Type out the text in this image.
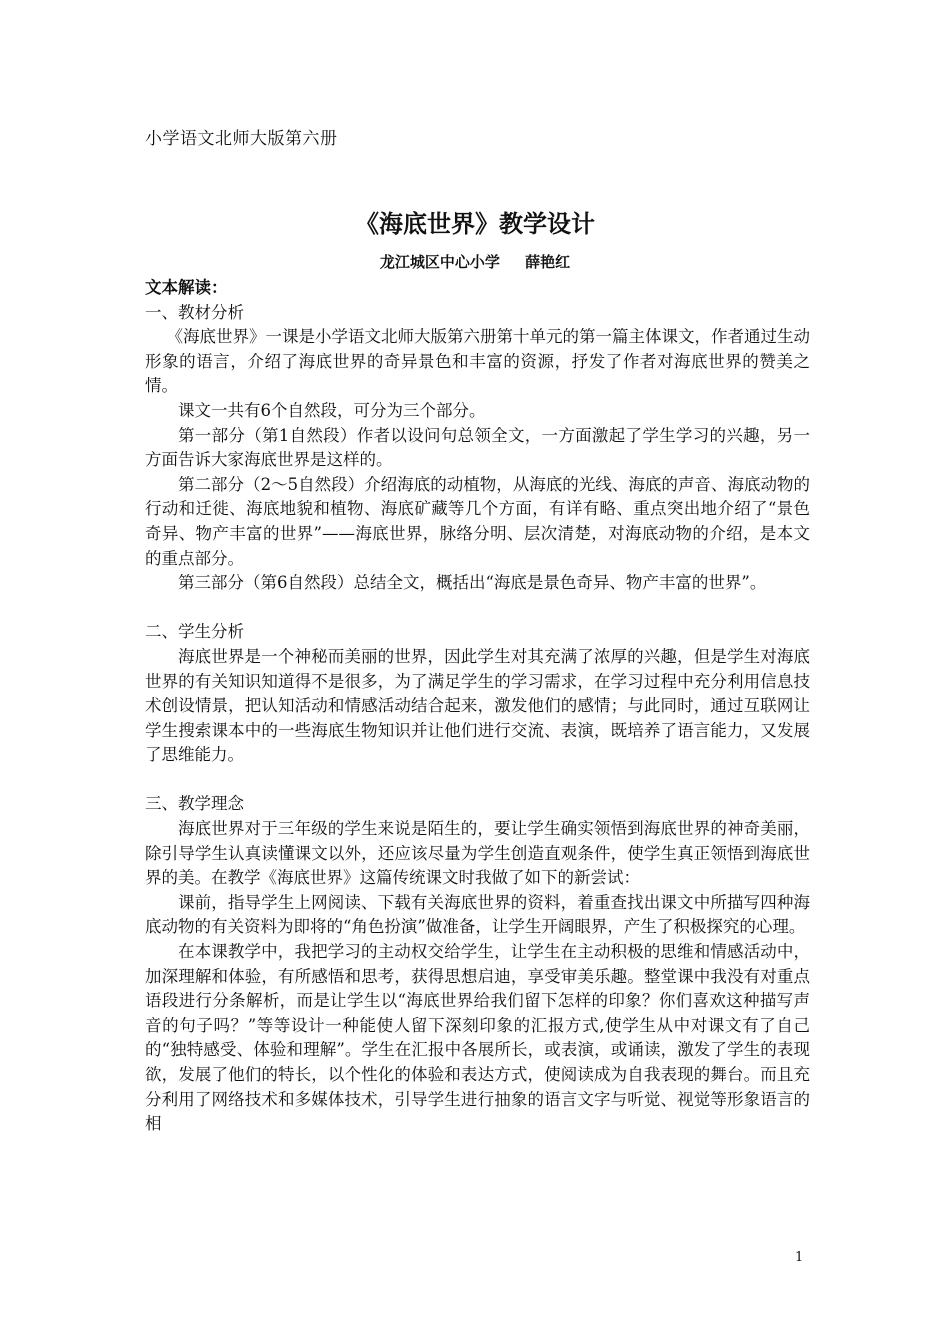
小学语文北师大版第六册
《海底世界》教学设计
龙江城区中心小学 薛艳红

文本解读：

一、教材分析

《海底世界》一课是小学语文北师大版第六册第十单元的第一篇主体课文，作者通过生动形象的语言，介绍了海底世界的奇异景色和丰富的资源，抒发了作者对海底世界的赞美之情。

课文一共有6个自然段，可分为三个部分。

第一部分（第1自然段）作者以设问句总领全文，一方面激起了学生学习的兴趣，另一方面告诉大家海底世界是这样的。

第二部分（2～5自然段）介绍海底的动植物，从海底的光线、海底的声音、海底动物的行动和迁徙、海底地貌和植物、海底矿藏等几个方面，有详有略、重点突出地介绍了“景色奇异、物产丰富的世界”——海底世界，脉络分明、层次清楚，对海底动物的介绍，是本文的重点部分。

第三部分（第6自然段）总结全文，概括出“海底是景色奇异、物产丰富的世界”。

二、学生分析

海底世界是一个神秘而美丽的世界，因此学生对其充满了浓厚的兴趣，但是学生对海底世界的有关知识知道得不是很多，为了满足学生的学习需求，在学习过程中充分利用信息技术创设情景，把认知活动和情感活动结合起来，激发他们的感情；与此同时，通过互联网让学生搜索课本中的一些海底生物知识并让他们进行交流、表演，既培养了语言能力，又发展了思维能力。

三、教学理念

海底世界对于三年级的学生来说是陌生的，要让学生确实领悟到海底世界的神奇美丽，除引导学生认真读懂课文以外，还应该尽量为学生创造直观条件，使学生真正领悟到海底世界的美。在教学《海底世界》这篇传统课文时我做了如下的新尝试：

课前，指导学生上网阅读、下载有关海底世界的资料，着重查找出课文中所描写四种海底动物的有关资料为即将的“角色扮演”做准备，让学生开阔眼界，产生了积极探究的心理。

在本课教学中，我把学习的主动权交给学生，让学生在主动积极的思维和情感活动中，加深理解和体验，有所感悟和思考，获得思想启迪，享受审美乐趣。整堂课中我没有对重点语段进行分条解析，而是让学生以“海底世界给我们留下怎样的印象？你们喜欢这种描写声音的句子吗？”等等设计一种能使人留下深刻印象的汇报方式,使学生从中对课文有了自己的“独特感受、体验和理解”。学生在汇报中各展所长，或表演，或诵读，激发了学生的表现欲，发展了他们的特长，以个性化的体验和表达方式，使阅读成为自我表现的舞台。而且充分利用了网络技术和多媒体技术，引导学生进行抽象的语言文字与听觉、视觉等形象语言的相

1
